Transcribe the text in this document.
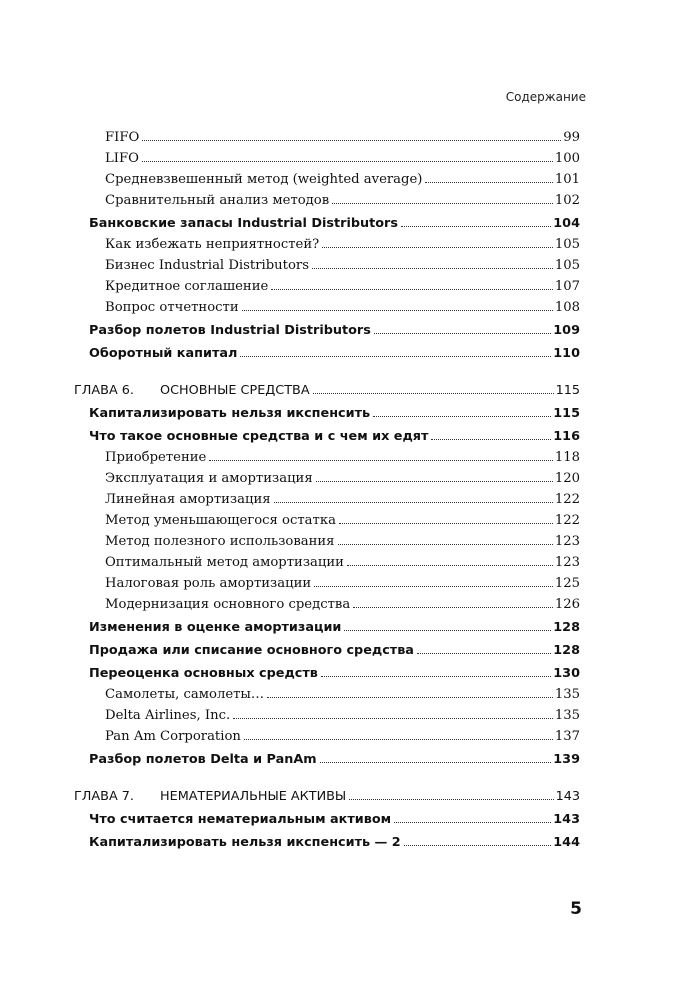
Содержание
FIFO	99
LIFO	100
Средневзвешенный метод (weighted average)	101
Сравнительный анализ методов	102
Банковские запасы Industrial Distributors	104
Как избежать неприятностей?	105
Бизнес Industrial Distributors	105
Кредитное соглашение	107
Вопрос отчетности	108
Разбор полетов Industrial Distributors	109
Оборотный капитал	110
ГЛАВА 6.	ОСНОВНЫЕ СРЕДСТВА	115
Капитализировать нельзя икспенсить	115
Что такое основные средства и с чем их едят	116
Приобретение	118
Эксплуатация и амортизация	120
Линейная амортизация	122
Метод уменьшающегося остатка	122
Метод полезного использования	123
Оптимальный метод амортизации	123
Налоговая роль амортизации	125
Модернизация основного средства	126
Изменения в оценке амортизации	128
Продажа или списание основного средства	128
Переоценка основных средств	130
Самолеты, самолеты…	135
Delta Airlines, Inc.	135
Pan Am Corporation	137
Разбор полетов Delta и PanAm	139
ГЛАВА 7.	НЕМАТЕРИАЛЬНЫЕ АКТИВЫ	143
Что считается нематериальным активом	143
Капитализировать нельзя икспенсить — 2	144
5
